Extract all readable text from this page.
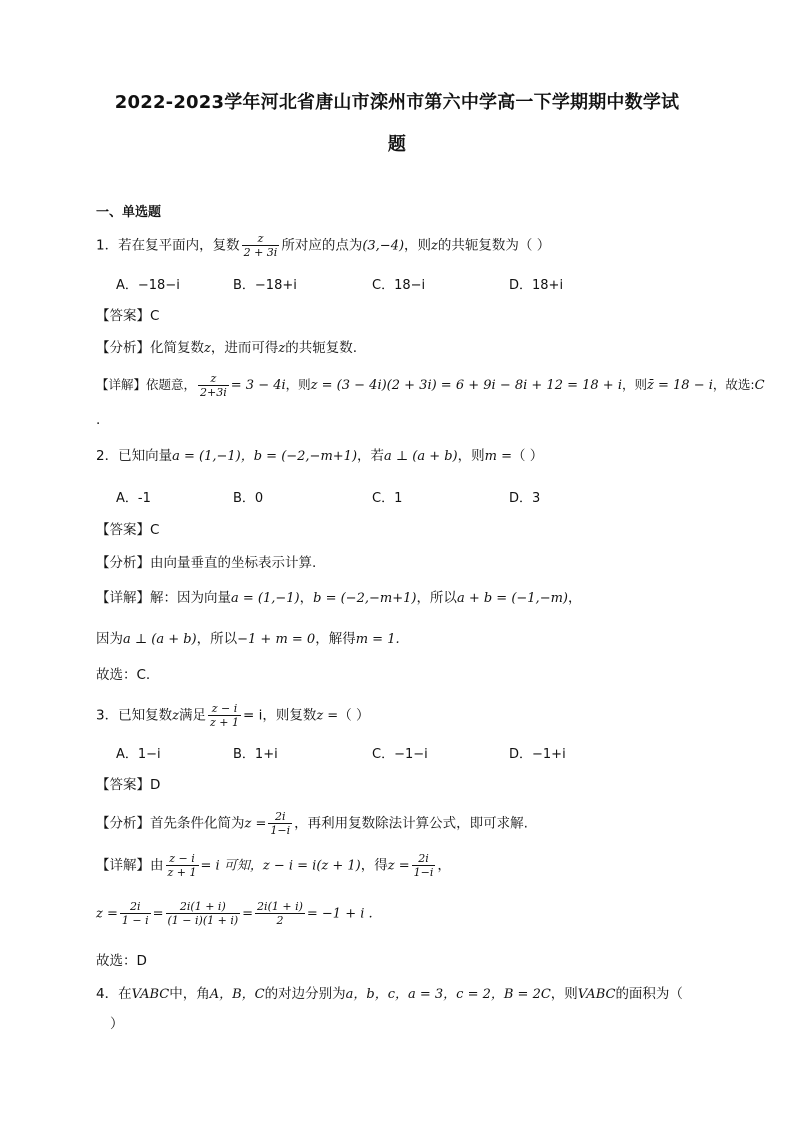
2022-2023学年河北省唐山市滦州市第六中学高一下学期期中数学试
题
一、单选题
1．若在复平面内，复数 $\frac{z}{2 + 3i}$ 所对应的点为(3,−4)，则z的共轭复数为（ ）
A．−18−i	B．−18+i	C．18−i	D．18+i
【答案】C
【分析】化简复数z，进而可得z的共轭复数.
【详解】依题意， $\frac{z}{2+3i} = 3 - 4i$，则z = (3 − 4i)(2 + 3i) = 6 + 9i − 8i + 12 = 18 + i，则z̄ = 18 − i，故选:C
.
2．已知向量a = (1,−1)，b = (−2,−m+1)，若a ⊥ (a + b)，则m =（ ）
A．-1	B．0	C．1	D．3
【答案】C
【分析】由向量垂直的坐标表示计算.
【详解】解：因为向量a = (1,−1)，b = (−2,−m+1)，所以a + b = (−1,−m)，
因为a ⊥ (a + b)，所以−1 + m = 0，解得m = 1.
故选：C.
3．已知复数z满足 $\frac{z - i}{z + 1} = i$，则复数z =（ ）
A．1−i	B．1+i	C．−1−i	D．−1+i
【答案】D
【分析】首先条件化简为$z = \frac{2i}{1-i}$ ，再利用复数除法计算公式，即可求解.
【详解】由 $\frac{z - i}{z + 1} = i$ 可知，z − i = i(z + 1)，得$z = \frac{2i}{1-i}$ ，
$z = \frac{2i}{1 - i} = \frac{2i(1 + i)}{(1 - i)(1 + i)} = \frac{2i(1 + i)}{2} = -1 + i$ .
故选：D
4．在VABC中，角A，B，C的对边分别为a，b，c，a = 3，c = 2，B = 2C，则VABC的面积为（
）
